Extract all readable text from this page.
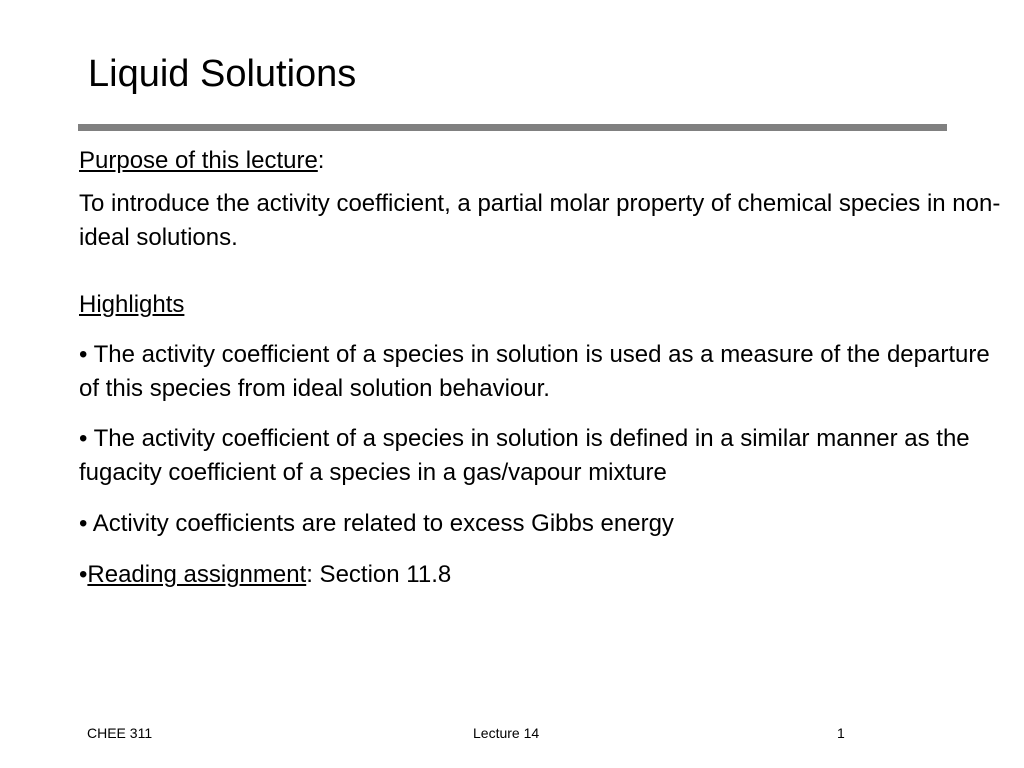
Liquid Solutions

Purpose of this lecture:

To introduce the activity coefficient, a partial molar property of chemical species in non-ideal solutions.

Highlights

• The activity coefficient of a species in solution is used as a measure of the departure of this species from ideal solution behaviour.

• The activity coefficient of a species in solution is defined in a similar manner as the fugacity coefficient of a species in a gas/vapour mixture

• Activity coefficients are related to excess Gibbs energy

•Reading assignment: Section 11.8

CHEE 311	Lecture 14	1
